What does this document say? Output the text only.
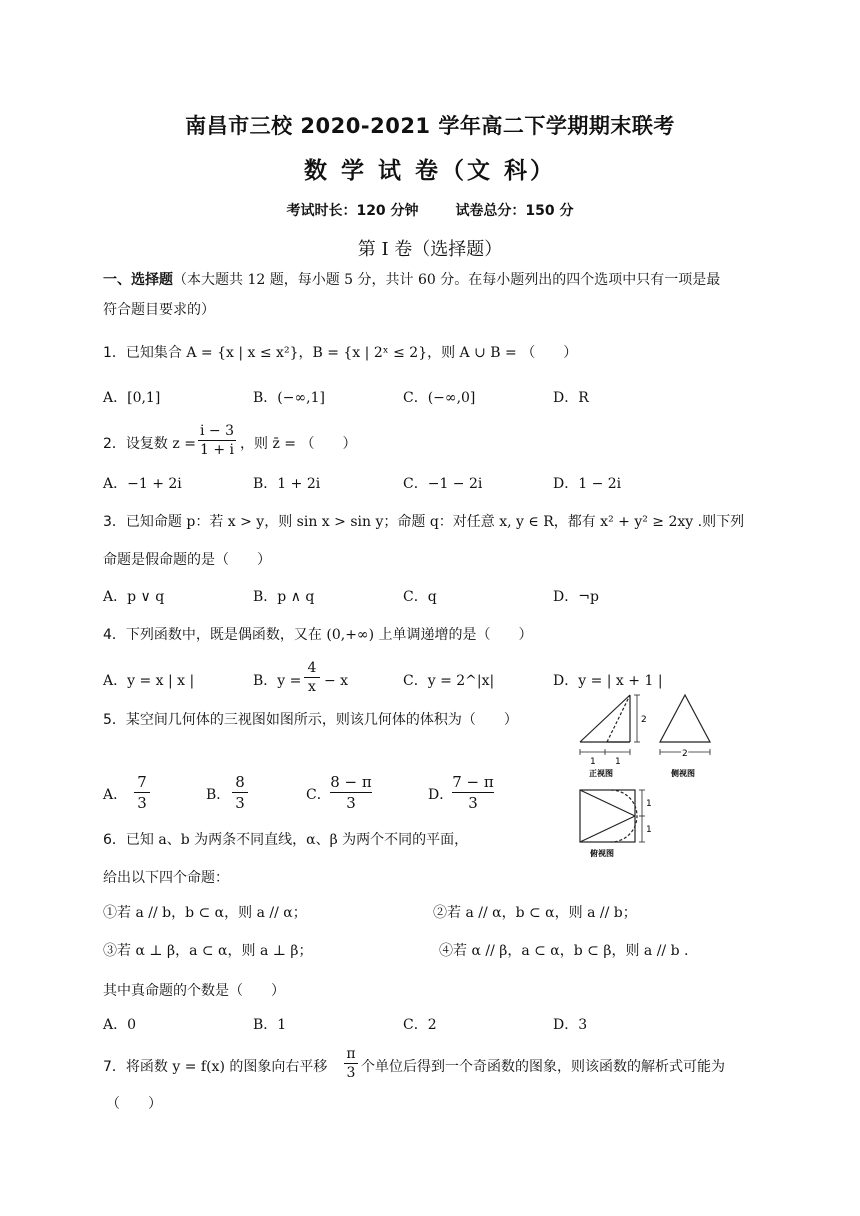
南昌市三校 2020-2021 学年高二下学期期末联考
数 学 试 卷（文 科）
考试时长：120 分钟	试卷总分：150 分
第 I 卷（选择题）
一、选择题（本大题共 12 题，每小题 5 分，共计 60 分。在每小题列出的四个选项中只有一项是最
符合题目要求的）
1．已知集合 A = {x | x ≤ x²}，B = {x | 2ˣ ≤ 2}，则 A ∪ B = （　　）
A．[0,1]	B．(−∞,1]	C．(−∞,0]	D．R
2．设复数 $z = \frac{i - 3}{1 + i}$ ，则 z̄ = （　　）
A．−1 + 2i	B．1 + 2i	C．−1 − 2i	D．1 − 2i
3．已知命题 p：若 x > y，则 sin x > sin y；命题 q：对任意 x, y ∈ R，都有 x² + y² ≥ 2xy .则下列
命题是假命题的是（　　）
A．p ∨ q	B．p ∧ q	C．q	D．¬p
4．下列函数中，既是偶函数，又在 (0,+∞) 上单调递增的是（　　）
A．y = x | x |	B．$y = \frac{4}{x} - x$	C．y = 2^|x|	D．y = | x + 1 |
5．某空间几何体的三视图如图所示，则该几何体的体积为（　　）
A． $\frac{7}{3}$	B． $\frac{8}{3}$	C． $\frac{8 - \pi}{3}$	D．
$\frac{7 - \pi}{3}$
2
1 1
正视图
2
侧视图
1
1
俯视图
6．已知 a、b 为两条不同直线，α、β 为两个不同的平面，
给出以下四个命题：
①若 a // b，b ⊂ α，则 a // α；	②若 a // α，b ⊂ α，则 a // b；
③若 α ⊥ β，a ⊂ α，则 a ⊥ β；	④若 α // β，a ⊂ α，b ⊂ β，则 a // b .
其中真命题的个数是（　　）
A．0	B．1	C．2	D．3
7．将函数 y = f(x) 的图象向右平移 $\frac{\pi}{3}$ 个单位后得到一个奇函数的图象，则该函数的解析式可能为
（　　）
